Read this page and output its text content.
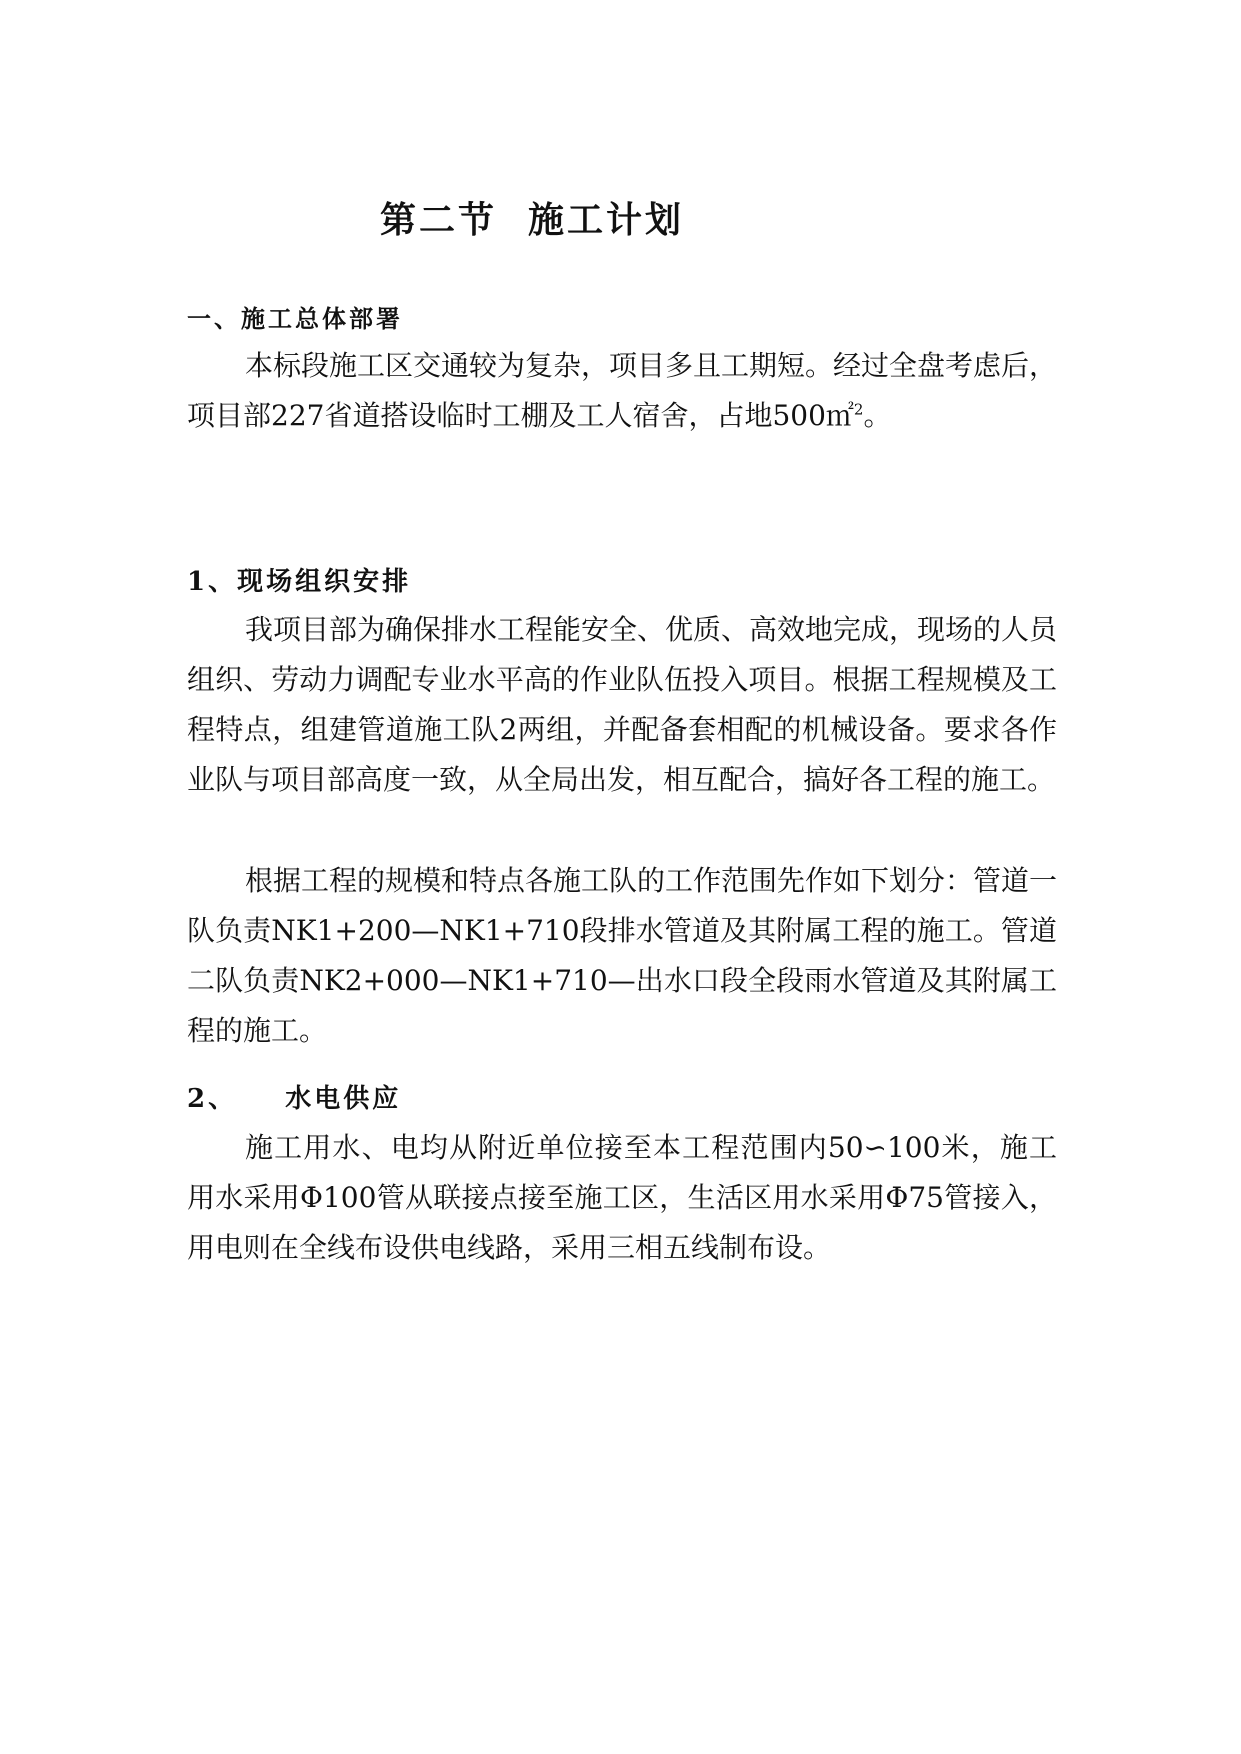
第二节  施工计划
一、施工总体部署

本标段施工区交通较为复杂，项目多且工期短。经过全盘考虑后，项目部227省道搭设临时工棚及工人宿舍，占地500㎡$^2$。

1、现场组织安排

我项目部为确保排水工程能安全、优质、高效地完成，现场的人员组织、劳动力调配专业水平高的作业队伍投入项目。根据工程规模及工程特点，组建管道施工队2两组，并配备套相配的机械设备。要求各作业队与项目部高度一致，从全局出发，相互配合，搞好各工程的施工。

根据工程的规模和特点各施工队的工作范围先作如下划分：管道一队负责NK1+200—NK1+710段排水管道及其附属工程的施工。管道二队负责NK2+000—NK1+710—出水口段全段雨水管道及其附属工程的施工。

2、    水电供应

施工用水、电均从附近单位接至本工程范围内50∽100米，施工用水采用Φ100管从联接点接至施工区，生活区用水采用Φ75管接入，用电则在全线布设供电线路，采用三相五线制布设。
